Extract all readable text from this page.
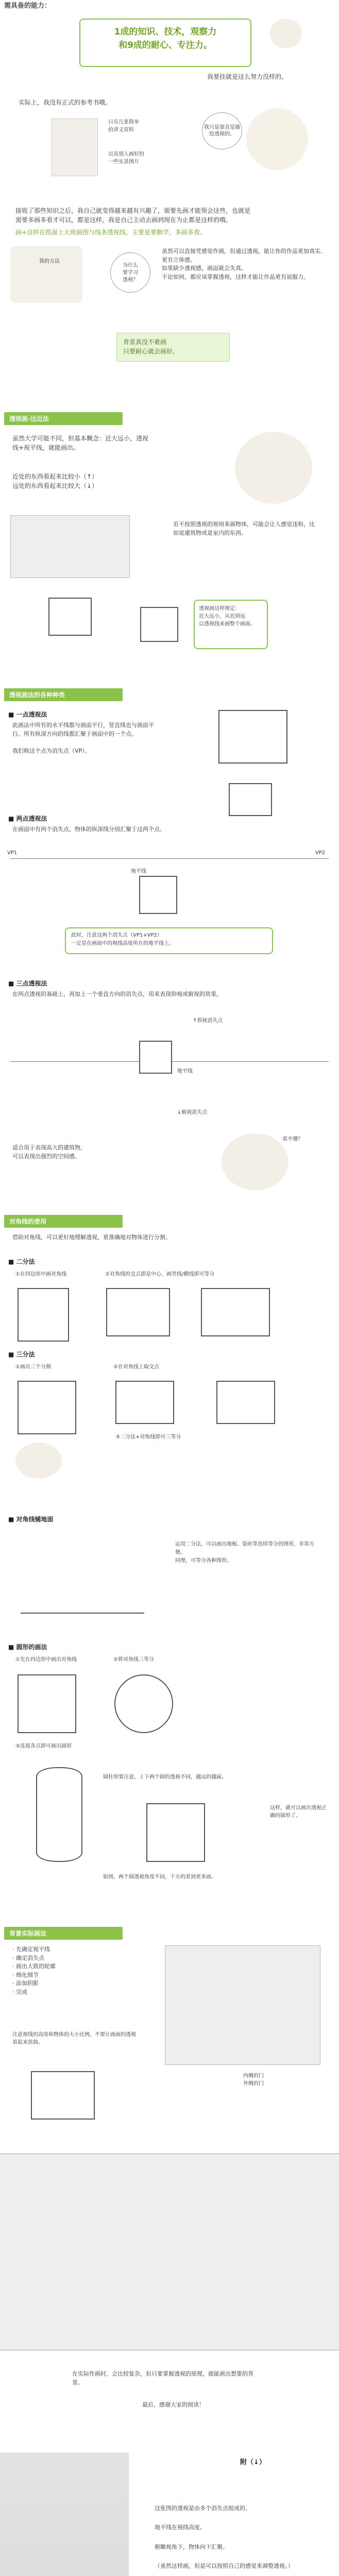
需具备的能力：
1成的知识、技术，观察力
和9成的耐心、专注力。
我要挂就是这么努力没样的。
实际上，我没有正式的参考书哦。
我只是靠直觉描绘透视的。
只有几张简单
的讲义资料
以及别人画好的
一些实景图片
接收了那些知识之后，我自己就变得越来越有兴趣了，需要先画才能领会这些，也就是需要多画多看才可以，都是这样，我是自己主动去画到现在为止都是这样的哦。
画+这样在纸面上大致画图与线条透视线，主要是要勤学，多画多看。
我的方法
为什么
要学习
透视？
虽然可以直接凭感觉作画，但通过透视，能让你的作品更加真实、更有立体感。
如果缺少透视感，画面就会失真。
不论如何，都应该掌握透视，这样才能让作品更有说服力。
背景真没不难画
只要耐心就会画好。
透视画-远近法
虽然大学可能不同，但基本概念：近大远小，透视线+视平线，就能画出。
近处的东西看起来比较小（↑）
远处的东西看起来比较大（↓）
若不按照透视的规则来画物体，可能会让人感觉违和，比如说建筑物或是室内的东西。
透视画这样规定：
近大远小，从近到远
以透视线来画整个画面。
透视画法的各种种类
■ 一点透视法
此画法中所有的水平线都与画面平行，竖直线也与画面平行。所有纵深方向的线都汇聚于画面中的一个点。

我们称这个点为消失点（VP）。
■ 两点透视法
在画面中有两个消失点，物体的纵深线分别汇聚于这两个点。
VP1	VP2
地平线
此时，注意这两个消失点（VP1+VP2）
一定是在画面中的视线高度所在的地平线上。
■ 三点透视法
在两点透视的基础上，再加上一个垂直方向的消失点，用来表现仰视或俯视的效果。
↑仰视消失点
地平线
↓俯视消失点
适合用于表现高大的建筑物，
可以表现出强烈的空间感。
看不懂？
对角线的使用
借助对角线，可以更好地理解透视，更准确地对物体进行分割。
■ 二分法
①在四边形中画对角线	②对角线的交点即是中心，画竖线/横线即可等分
■ 三分法
①画出三个分割	②在对角线上取交点
③二分法+对角线即可三等分
■ 对角线铺地面
运用二分法，可以画出地板、瓷砖等连续等分的图形，非常方便。
同理，可等分各种图形。
■ 圆形的画法
①先在四边形中画出对角线	②将对角线三等分
③连接各点即可画出圆形
圆柱形要注意，上下两个圆的透视不同，越远的越扁。
如图，两个圆透视角度不同，下方的看到更多面。
这样，就可以画出透视正确的圆形了。
背景实际画法
· 先确定视平线
· 确定消失点
· 画出大致的轮廓
· 细化细节
· 添加阴影
· 完成
内侧的门
外侧的门
注意视线的高度和物体的大小比例，不要让画面的透视看起来扭曲。
在实际作画时，会比较复杂，但只要掌握透视的原理，就能画出想要的背景。
最后，感谢大家的阅读！
附（↓）
这张图的透视是由多个消失点组成的。

地平线在视线高度。

俯瞰视角下，物体向下汇聚。

（虽然这样画，但是可以按照自己的感觉来调整透视。）
